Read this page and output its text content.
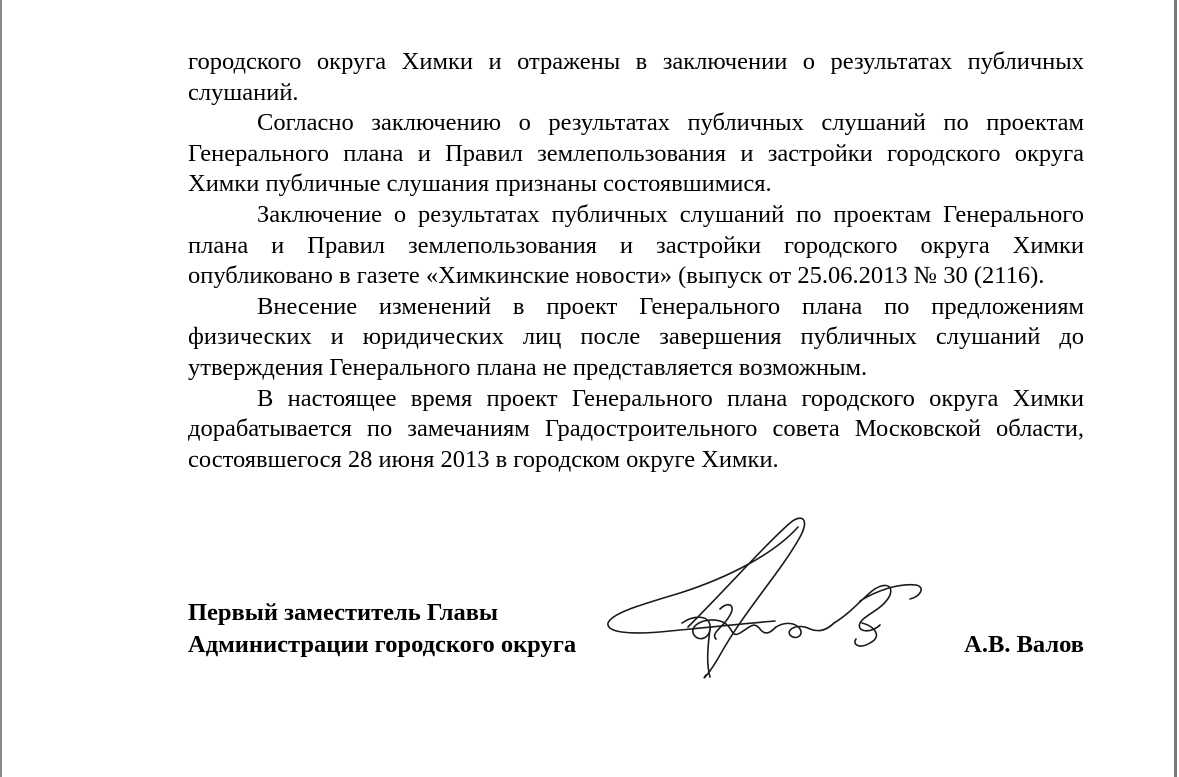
городского округа Химки и отражены в заключении о результатах публичных слушаний.

Согласно заключению о результатах публичных слушаний по проектам Генерального плана и Правил землепользования и застройки городского округа Химки публичные слушания признаны состоявшимися.

Заключение о результатах публичных слушаний по проектам Генерального плана и Правил землепользования и застройки городского округа Химки опубликовано в газете «Химкинские новости» (выпуск от 25.06.2013 № 30 (2116).

Внесение изменений в проект Генерального плана по предложениям физических и юридических лиц после завершения публичных слушаний до утверждения Генерального плана не представляется возможным.

В настоящее время проект Генерального плана городского округа Химки дорабатывается по замечаниям Градостроительного совета Московской области, состоявшегося 28 июня 2013 в городском округе Химки.

Первый заместитель Главы
Администрации городского округа	А.В. Валов
